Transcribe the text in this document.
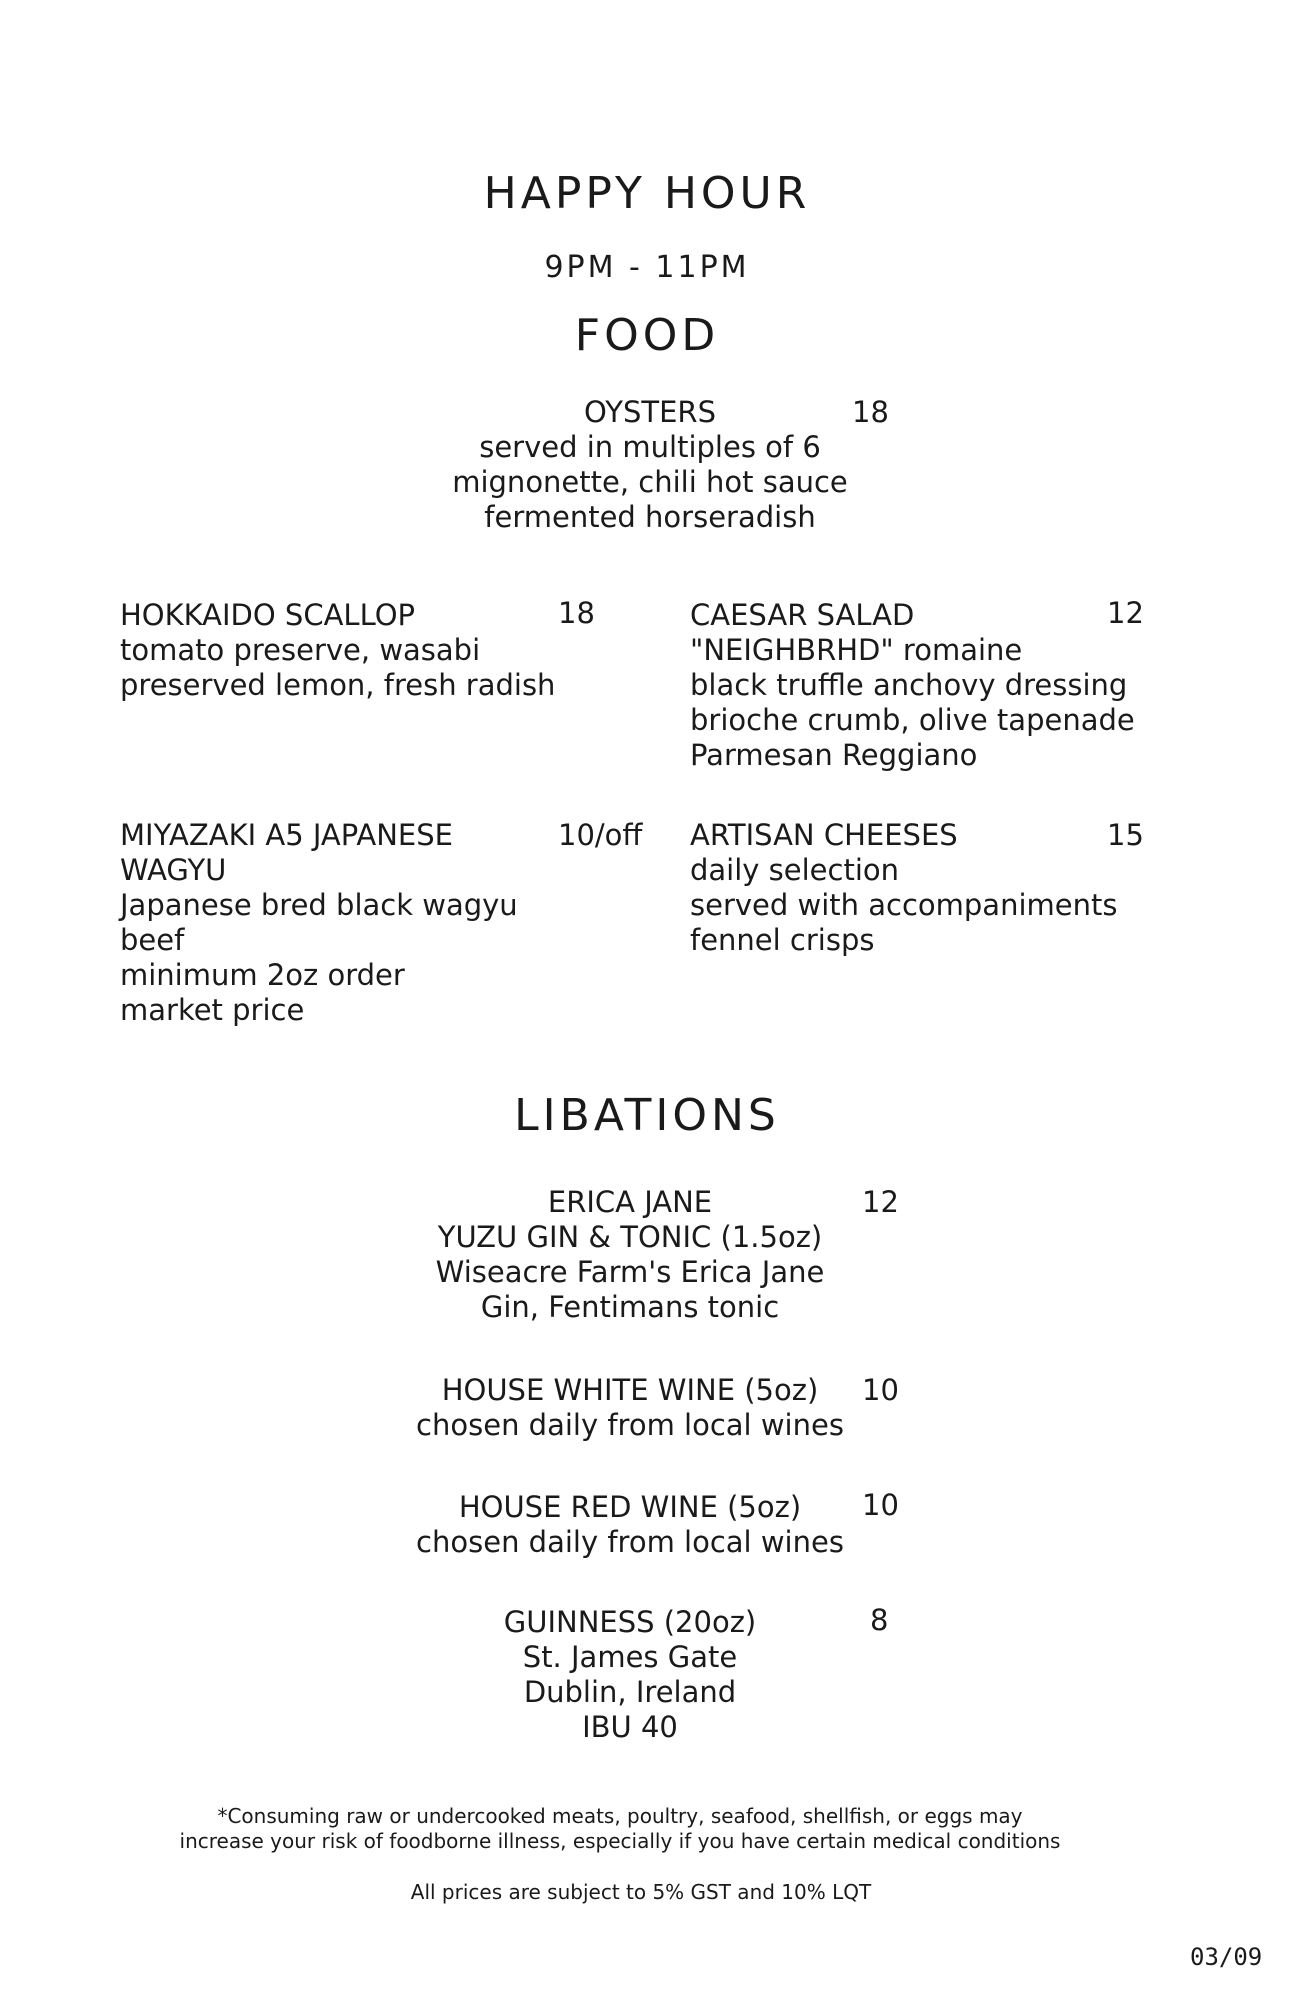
HAPPY HOUR
9PM - 11PM
FOOD
OYSTERS	18
served in multiples of 6
mignonette, chili hot sauce
fermented horseradish
HOKKAIDO SCALLOP	18
tomato preserve, wasabi
preserved lemon, fresh radish
CAESAR SALAD	12
"NEIGHBRHD" romaine
black truffle anchovy dressing
brioche crumb, olive tapenade
Parmesan Reggiano
MIYAZAKI A5 JAPANESE
WAGYU
10/off
Japanese bred black wagyu
beef
minimum 2oz order
market price
ARTISAN CHEESES	15
daily selection
served with accompaniments
fennel crisps
LIBATIONS
ERICA JANE	12
YUZU GIN & TONIC (1.5oz)
Wiseacre Farm's Erica Jane
Gin, Fentimans tonic
HOUSE WHITE WINE (5oz)	10
chosen daily from local wines
HOUSE RED WINE (5oz)	10
chosen daily from local wines
GUINNESS (20oz)	8
St. James Gate
Dublin, Ireland
IBU 40
*Consuming raw or undercooked meats, poultry, seafood, shellfish, or eggs may
increase your risk of foodborne illness, especially if you have certain medical conditions
All prices are subject to 5% GST and 10% LQT
03/09
